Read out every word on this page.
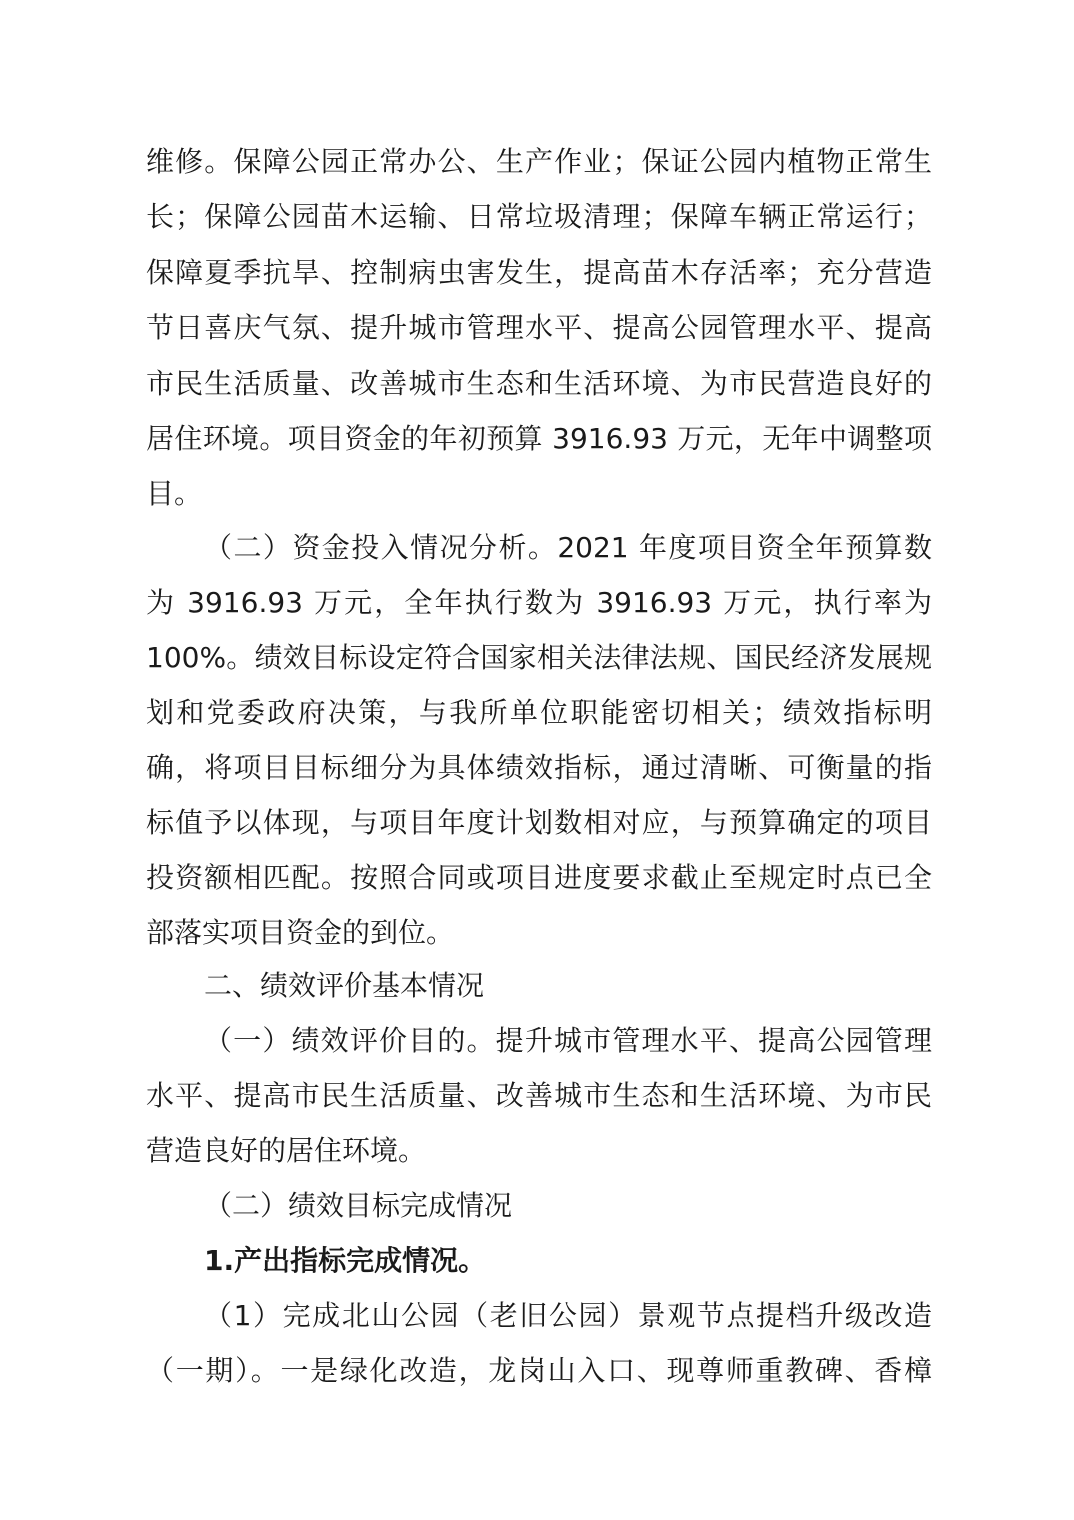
维修。保障公园正常办公、生产作业；保证公园内植物正常生
长；保障公园苗木运输、日常垃圾清理；保障车辆正常运行；
保障夏季抗旱、控制病虫害发生，提高苗木存活率；充分营造
节日喜庆气氛、提升城市管理水平、提高公园管理水平、提高
市民生活质量、改善城市生态和生活环境、为市民营造良好的
居住环境。项目资金的年初预算 3916.93 万元，无年中调整项
目。
（二）资金投入情况分析。2021 年度项目资全年预算数
为 3916.93 万元，全年执行数为 3916.93 万元，执行率为
100%。绩效目标设定符合国家相关法律法规、国民经济发展规
划和党委政府决策，与我所单位职能密切相关；绩效指标明
确，将项目目标细分为具体绩效指标，通过清晰、可衡量的指
标值予以体现，与项目年度计划数相对应，与预算确定的项目
投资额相匹配。按照合同或项目进度要求截止至规定时点已全
部落实项目资金的到位。
二、绩效评价基本情况
（一）绩效评价目的。提升城市管理水平、提高公园管理
水平、提高市民生活质量、改善城市生态和生活环境、为市民
营造良好的居住环境。
（二）绩效目标完成情况
1.产出指标完成情况。
（1）完成北山公园（老旧公园）景观节点提档升级改造
（一期）。一是绿化改造，龙岗山入口、现尊师重教碑、香樟
